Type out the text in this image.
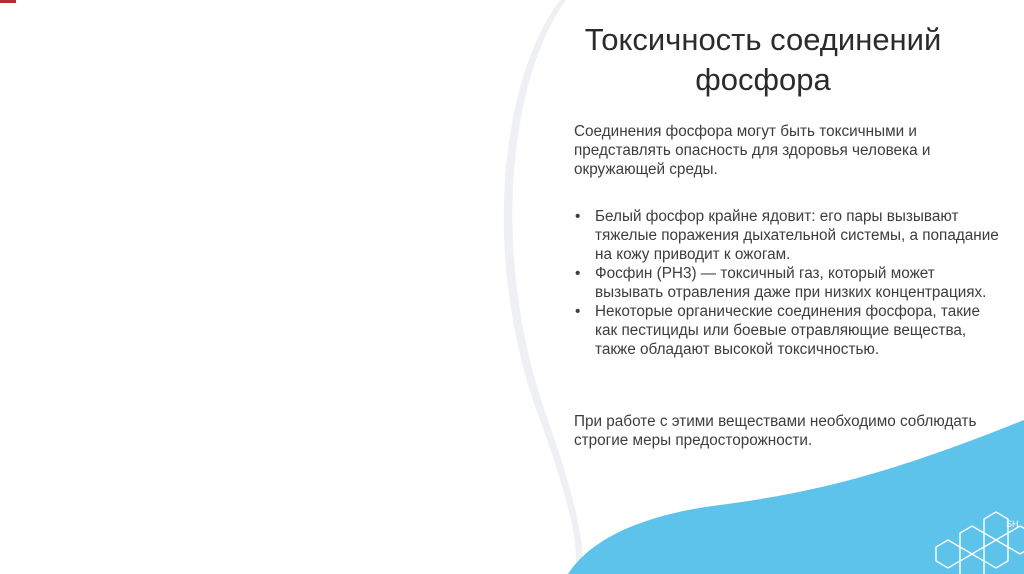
SH
Токсичность соединений фосфора
Соединения фосфора могут быть токсичными и представлять опасность для здоровья человека и окружающей среды.
• Белый фосфор крайне ядовит: его пары вызывают тяжелые поражения дыхательной системы, а попадание на кожу приводит к ожогам.
• Фосфин (PH3) — токсичный газ, который может вызывать отравления даже при низких концентрациях.
• Некоторые органические соединения фосфора, такие как пестициды или боевые отравляющие вещества, также обладают высокой токсичностью.
При работе с этими веществами необходимо соблюдать строгие меры предосторожности.
